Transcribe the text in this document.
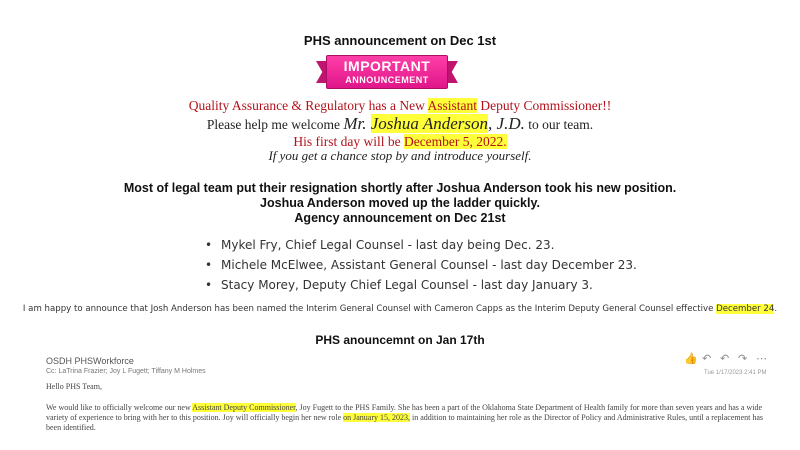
PHS announcement on Dec 1st
IMPORTANT
ANNOUNCEMENT
Quality Assurance & Regulatory has a New Assistant Deputy Commissioner!!
Please help me welcome Mr. Joshua Anderson, J.D. to our team.
His first day will be December 5, 2022.
If you get a chance stop by and introduce yourself.
Most of legal team put their resignation shortly after Joshua Anderson took his new position.
Joshua Anderson moved up the ladder quickly.
Agency announcement on Dec 21st
• Mykel Fry, Chief Legal Counsel - last day being Dec. 23.
• Michele McElwee, Assistant General Counsel - last day December 23.
• Stacy Morey, Deputy Chief Legal Counsel - last day January 3.
I am happy to announce that Josh Anderson has been named the Interim General Counsel with Cameron Capps as the Interim Deputy General Counsel effective December 24.
PHS anouncemnt on Jan 17th
OSDH PHSWorkforce
Cc: LaTrina Frazier; Joy L Fugett; Tiffany M Holmes
👍 ↶ ↶ ↷ ⋯
Tue 1/17/2023 2:41 PM
Hello PHS Team,
We would like to officially welcome our new Assistant Deputy Commissioner, Joy Fugett to the PHS Family. She has been a part of the Oklahoma State Department of Health family for more than seven years and has a wide
variety of experience to bring with her to this position. Joy will officially begin her new role on January 15, 2023, in addition to maintaining her role as the Director of Policy and Administrative Rules, until a replacement has
been identified.
